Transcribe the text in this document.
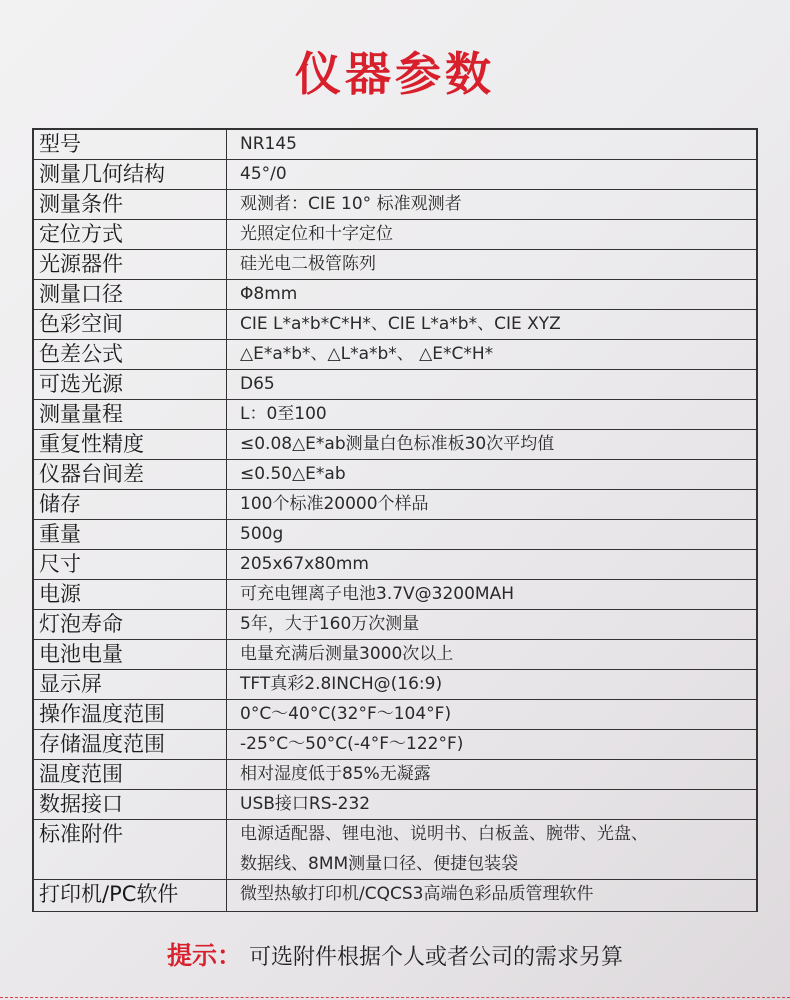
仪器参数
型号	NR145
测量几何结构	45°/0
测量条件	观测者：CIE 10° 标准观测者
定位方式	光照定位和十字定位
光源器件	硅光电二极管陈列
测量口径	Φ8mm
色彩空间	CIE L*a*b*C*H*、CIE L*a*b*、CIE XYZ
色差公式	△E*a*b*、△L*a*b*、 △E*C*H*
可选光源	D65
测量量程	L：0至100
重复性精度	≤0.08△E*ab测量白色标准板30次平均值
仪器台间差	≤0.50△E*ab
储存	100个标准20000个样品
重量	500g
尺寸	205x67x80mm
电源	可充电锂离子电池3.7V@3200MAH
灯泡寿命	5年，大于160万次测量
电池电量	电量充满后测量3000次以上
显示屏	TFT真彩2.8INCH@(16:9)
操作温度范围	0°C～40°C(32°F～104°F)
存储温度范围	-25°C～50°C(-4°F～122°F)
温度范围	相对湿度低于85%无凝露
数据接口	USB接口RS-232
标准附件	电源适配器、锂电池、说明书、白板盖、腕带、光盘、
数据线、8MM测量口径、便捷包装袋
打印机/PC软件	微型热敏打印机/CQCS3高端色彩品质管理软件
提示： 可选附件根据个人或者公司的需求另算
